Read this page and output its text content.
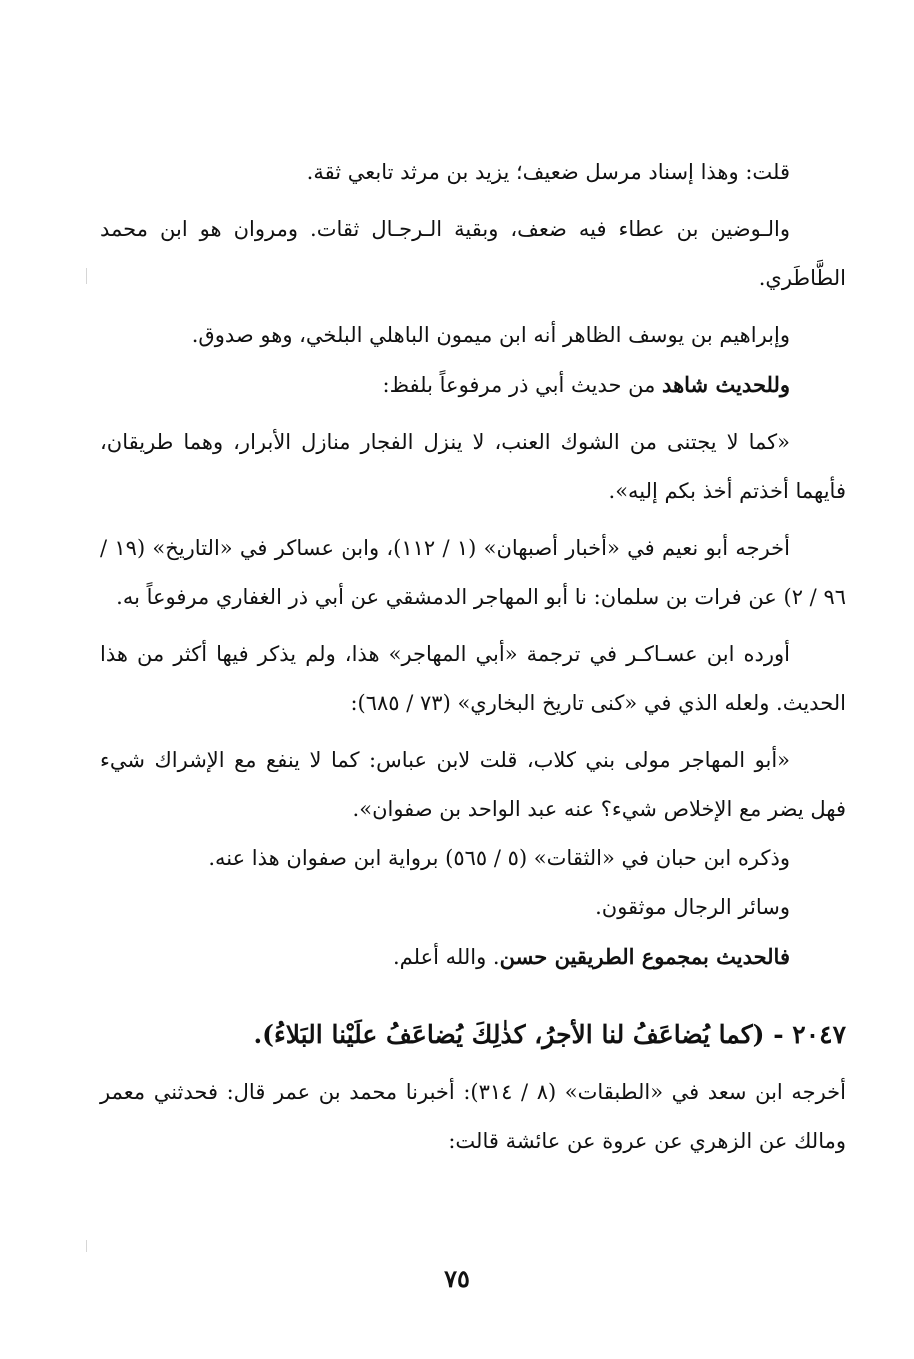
قلت: وهذا إسناد مرسل ضعيف؛ يزيد بن مرثد تابعي ثقة.

والـوضين بن عطاء فيه ضعف، وبقية الـرجـال ثقات. ومروان هو ابن محمد الطَّاطَري.

وإبراهيم بن يوسف الظاهر أنه ابن ميمون الباهلي البلخي، وهو صدوق.

وللحديث شاهد من حديث أبي ذر مرفوعاً بلفظ:

«كما لا يجتنى من الشوك العنب، لا ينزل الفجار منازل الأبرار، وهما طريقان، فأيهما أخذتم أخذ بكم إليه».

أخرجه أبو نعيم في «أخبار أصبهان» (١ / ١١٢)، وابن عساكر في «التاريخ» (١٩ / ٩٦ / ٢) عن فرات بن سلمان: نا أبو المهاجر الدمشقي عن أبي ذر الغفاري مرفوعاً به.

أورده ابن عسـاكـر في ترجمة «أبي المهاجر» هذا، ولم يذكر فيها أكثر من هذا الحديث. ولعله الذي في «كنى تاريخ البخاري» (٧٣ / ٦٨٥):

«أبو المهاجر مولى بني كلاب، قلت لابن عباس: كما لا ينفع مع الإشراك شيء فهل يضر مع الإخلاص شيء؟ عنه عبد الواحد بن صفوان».

وذكره ابن حبان في «الثقات» (٥ / ٥٦٥) برواية ابن صفوان هذا عنه.

وسائر الرجال موثقون.

فالحديث بمجموع الطريقين حسن. والله أعلم.

٢٠٤٧ - (كما يُضاعَفُ لنا الأجرُ، كذٰلِكَ يُضاعَفُ علَيْنا البَلاءُ).

أخرجه ابن سعد في «الطبقات» (٨ / ٣١٤): أخبرنا محمد بن عمر قال: فحدثني معمر ومالك عن الزهري عن عروة عن عائشة قالت:

٧٥
